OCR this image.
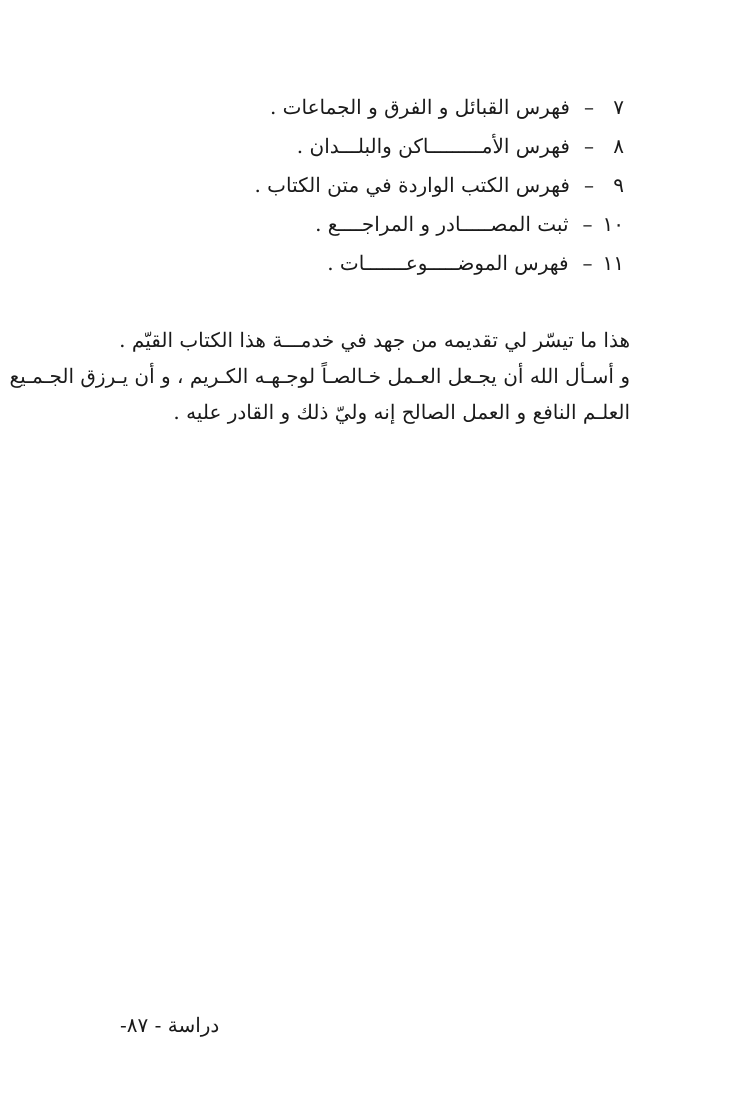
٧
–
فهرس القبائل و الفرق و الجماعات .
٨
–
فهرس الأمـــــــــاكن والبلـــدان .
٩
–
فهرس الكتب الواردة في متن الكتاب .
١٠
–
ثبت المصـــــادر و المراجــــع .
١١
–
فهرس الموضـــــوعـــــــات .
هذا ما تيسّر لي تقديمه من جهد في خدمـــة هذا الكتاب القيّم .
و أسـأل الله أن يجـعل العـمل خـالصـاً لوجـهـه الكـريم ، و أن يـرزق الجـمـيع
العلـم النافع و العمل الصالح إنه وليّ ذلك و القادر عليه .
دراسة - ٨٧-
